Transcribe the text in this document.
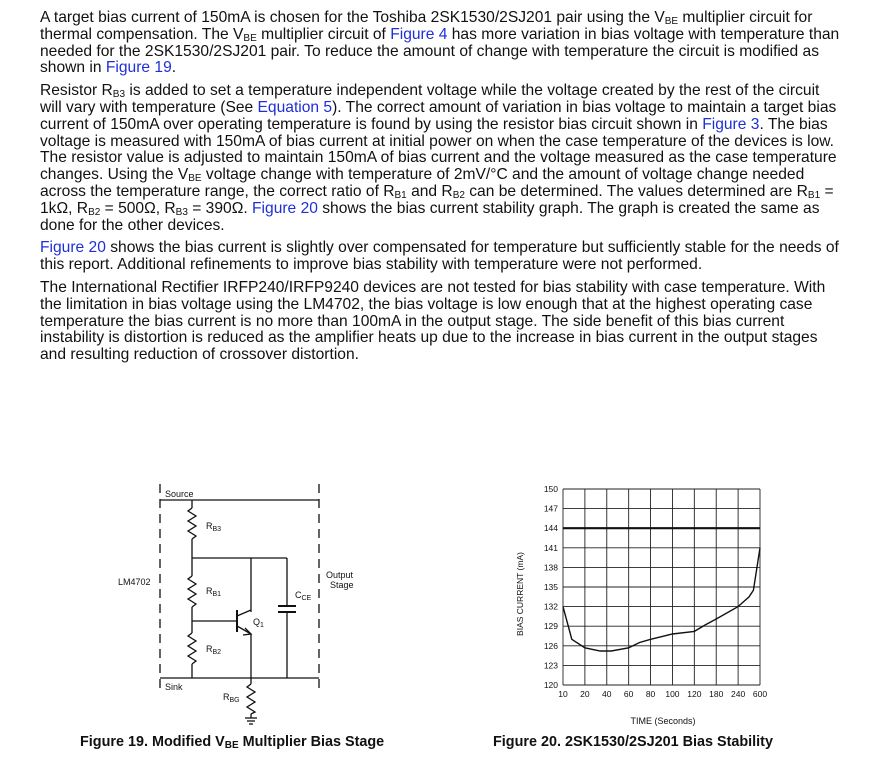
A target bias current of 150mA is chosen for the Toshiba 2SK1530/2SJ201 pair using the $V_{BE}$ multiplier circuit for thermal compensation. The $V_{BE}$ multiplier circuit of Figure 4 has more variation in bias voltage with temperature than needed for the 2SK1530/2SJ201 pair. To reduce the amount of change with temperature the circuit is modified as shown in Figure 19.

Resistor $R_{B3}$ is added to set a temperature independent voltage while the voltage created by the rest of the circuit will vary with temperature (See Equation 5). The correct amount of variation in bias voltage to maintain a target bias current of 150mA over operating temperature is found by using the resistor bias circuit shown in Figure 3. The bias voltage is measured with 150mA of bias current at initial power on when the case temperature of the devices is low. The resistor value is adjusted to maintain 150mA of bias current and the voltage measured as the case temperature changes. Using the $V_{BE}$ voltage change with temperature of 2mV/°C and the amount of voltage change needed across the temperature range, the correct ratio of $R_{B1}$ and $R_{B2}$ can be determined. The values determined are $R_{B1} = 1k\Omega$, $R_{B2} = 500\Omega$, $R_{B3} = 390\Omega$. Figure 20 shows the bias current stability graph. The graph is created the same as done for the other devices.

Figure 20 shows the bias current is slightly over compensated for temperature but sufficiently stable for the needs of this report. Additional refinements to improve bias stability with temperature were not performed.

The International Rectifier IRFP240/IRFP9240 devices are not tested for bias stability with case temperature. With the limitation in bias voltage using the LM4702, the bias voltage is low enough that at the highest operating case temperature the bias current is no more than 100mA in the output stage. The side benefit of this bias current instability is distortion is reduced as the amplifier heats up due to the increase in bias current in the output stages and resulting reduction of crossover distortion.

Source
Sink
LM4702
Output
Stage
$R_{B3}$
$R_{B1}$
$R_{B2}$
$R_{BG}$
$C_{CE}$
$Q_1$
Figure 19. Modified $V_{BE}$ Multiplier Bias Stage
120
123
126
129
132
135
138
141
144
147
150
10 20 40 60 80 100 120 180 240 600
BIAS CURRENT (mA)
TIME (Seconds)
Figure 20. 2SK1530/2SJ201 Bias Stability
